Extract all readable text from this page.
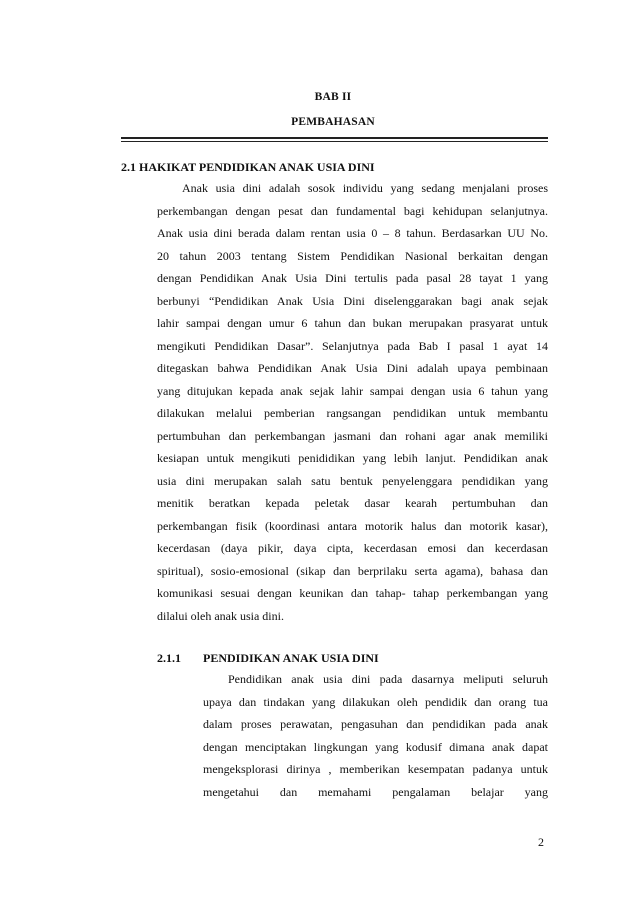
BAB II
PEMBAHASAN
2.1 HAKIKAT PENDIDIKAN ANAK USIA DINI
Anak usia dini adalah sosok individu yang sedang menjalani proses
perkembangan dengan pesat dan fundamental bagi kehidupan selanjutnya.
Anak usia dini berada dalam rentan usia 0 – 8 tahun. Berdasarkan UU No.
20 tahun 2003 tentang Sistem Pendidikan Nasional berkaitan dengan
dengan Pendidikan Anak Usia Dini tertulis pada pasal 28 tayat 1 yang
berbunyi “Pendidikan Anak Usia Dini diselenggarakan bagi anak sejak
lahir sampai dengan umur 6 tahun dan bukan merupakan prasyarat untuk
mengikuti Pendidikan Dasar”. Selanjutnya pada Bab I pasal 1 ayat 14
ditegaskan bahwa Pendidikan Anak Usia Dini adalah upaya pembinaan
yang ditujukan kepada anak sejak lahir sampai dengan usia 6 tahun yang
dilakukan melalui pemberian rangsangan pendidikan untuk membantu
pertumbuhan dan perkembangan jasmani dan rohani agar anak memiliki
kesiapan untuk mengikuti penididikan yang lebih lanjut. Pendidikan anak
usia dini merupakan salah satu bentuk penyelenggara pendidikan yang
menitik beratkan kepada peletak dasar kearah pertumbuhan dan
perkembangan fisik (koordinasi antara motorik halus dan motorik kasar),
kecerdasan (daya pikir, daya cipta, kecerdasan emosi dan kecerdasan
spiritual), sosio-emosional (sikap dan berprilaku serta agama), bahasa dan
komunikasi sesuai dengan keunikan dan tahap- tahap perkembangan yang
dilalui oleh anak usia dini.
2.1.1 PENDIDIKAN ANAK USIA DINI
Pendidikan anak usia dini pada dasarnya meliputi seluruh
upaya dan tindakan yang dilakukan oleh pendidik dan orang tua
dalam proses perawatan, pengasuhan dan pendidikan pada anak
dengan menciptakan lingkungan yang kodusif dimana anak dapat
mengeksplorasi dirinya , memberikan kesempatan padanya untuk
mengetahui dan memahami pengalaman belajar yang
2
